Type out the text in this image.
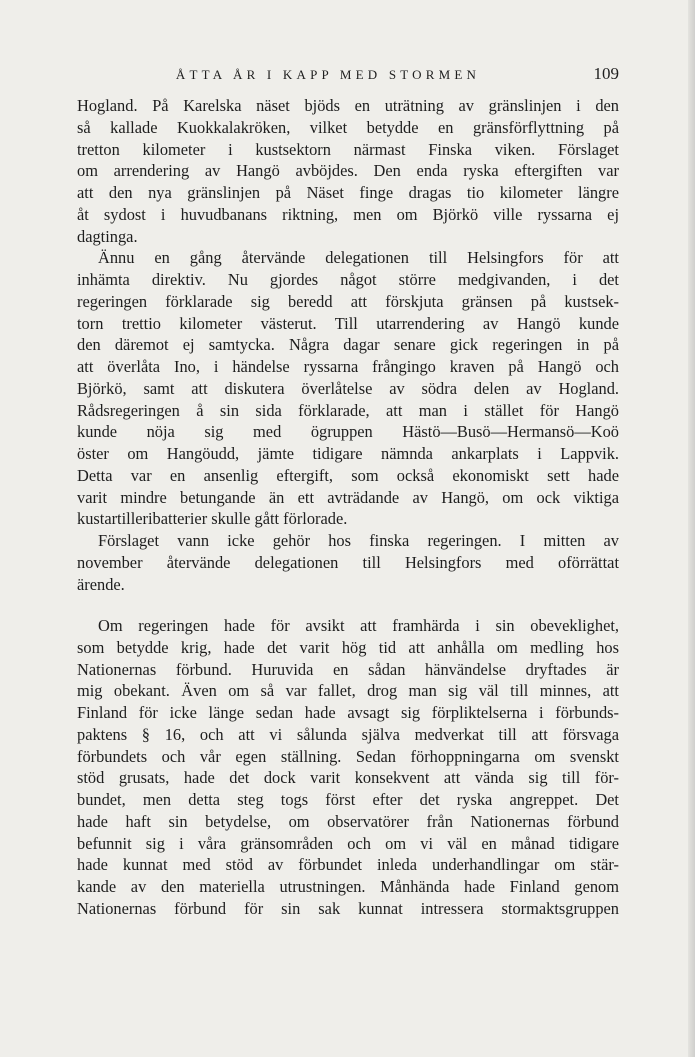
ÅTTA ÅR I KAPP MED STORMEN	109
Hogland. På Karelska näset bjöds en uträtning av gränslinjen i den
så kallade Kuokkalakröken, vilket betydde en gränsförflyttning på
tretton kilometer i kustsektorn närmast Finska viken. Förslaget
om arrendering av Hangö avböjdes. Den enda ryska eftergiften var
att den nya gränslinjen på Näset finge dragas tio kilometer längre
åt sydost i huvudbanans riktning, men om Björkö ville ryssarna ej
dagtinga.
Ännu en gång återvände delegationen till Helsingfors för att
inhämta direktiv. Nu gjordes något större medgivanden, i det
regeringen förklarade sig beredd att förskjuta gränsen på kustsek-
torn trettio kilometer västerut. Till utarrendering av Hangö kunde
den däremot ej samtycka. Några dagar senare gick regeringen in på
att överlåta Ino, i händelse ryssarna frångingo kraven på Hangö och
Björkö, samt att diskutera överlåtelse av södra delen av Hogland.
Rådsregeringen å sin sida förklarade, att man i stället för Hangö
kunde nöja sig med ögruppen Hästö—Busö—Hermansö—Koö
öster om Hangöudd, jämte tidigare nämnda ankarplats i Lappvik.
Detta var en ansenlig eftergift, som också ekonomiskt sett hade
varit mindre betungande än ett avträdande av Hangö, om ock viktiga
kustartilleribatterier skulle gått förlorade.
Förslaget vann icke gehör hos finska regeringen. I mitten av
november återvände delegationen till Helsingfors med oförrättat
ärende.
Om regeringen hade för avsikt att framhärda i sin obeveklighet,
som betydde krig, hade det varit hög tid att anhålla om medling hos
Nationernas förbund. Huruvida en sådan hänvändelse dryftades är
mig obekant. Även om så var fallet, drog man sig väl till minnes, att
Finland för icke länge sedan hade avsagt sig förpliktelserna i förbunds-
paktens § 16, och att vi sålunda själva medverkat till att försvaga
förbundets och vår egen ställning. Sedan förhoppningarna om svenskt
stöd grusats, hade det dock varit konsekvent att vända sig till för-
bundet, men detta steg togs först efter det ryska angreppet. Det
hade haft sin betydelse, om observatörer från Nationernas förbund
befunnit sig i våra gränsområden och om vi väl en månad tidigare
hade kunnat med stöd av förbundet inleda underhandlingar om stär-
kande av den materiella utrustningen. Månhända hade Finland genom
Nationernas förbund för sin sak kunnat intressera stormaktsgruppen
